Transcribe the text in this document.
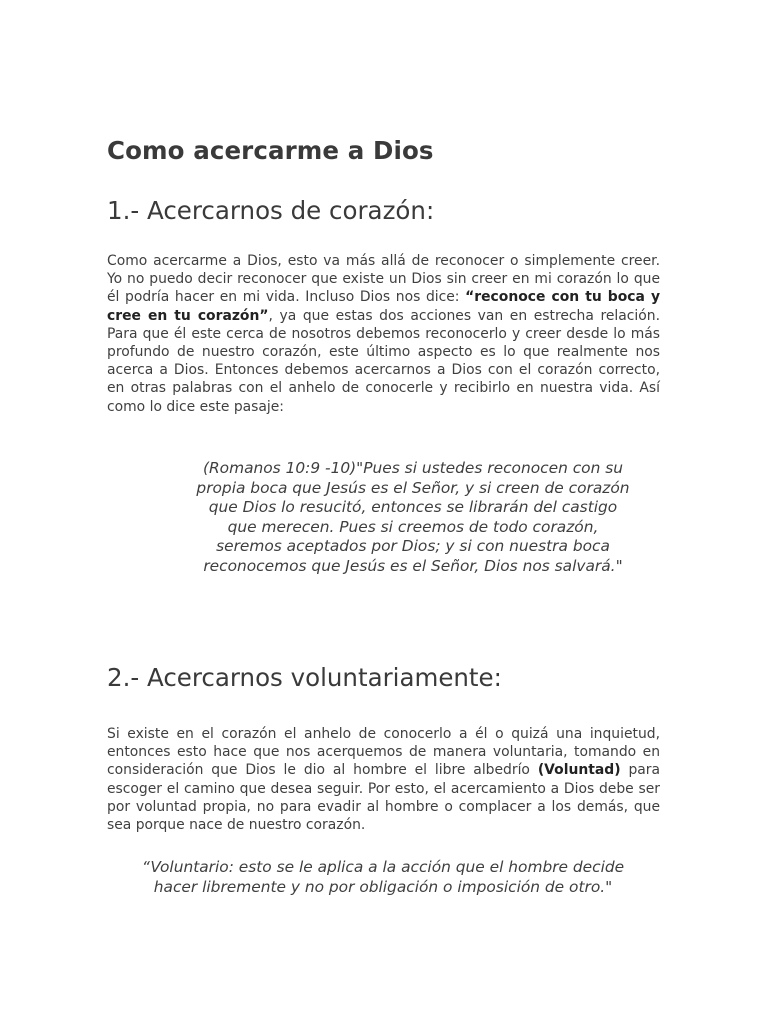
Como acercarme a Dios
1.- Acercarnos de corazón:

Como acercarme a Dios, esto va más allá de reconocer o simplemente creer. Yo no puedo decir reconocer que existe un Dios sin creer en mi corazón lo que él podría hacer en mi vida. Incluso Dios nos dice: “reconoce con tu boca y cree en tu corazón”, ya que estas dos acciones van en estrecha relación. Para que él este cerca de nosotros debemos reconocerlo y creer desde lo más profundo de nuestro corazón, este último aspecto es lo que realmente nos acerca a Dios. Entonces debemos acercarnos a Dios con el corazón correcto, en otras palabras con el anhelo de conocerle y recibirlo en nuestra vida. Así como lo dice este pasaje:

(Romanos 10:9 -10)"Pues si ustedes reconocen con su propia boca que Jesús es el Señor, y si creen de corazón que Dios lo resucitó, entonces se librarán del castigo que merecen. Pues si creemos de todo corazón, seremos aceptados por Dios; y si con nuestra boca reconocemos que Jesús es el Señor, Dios nos salvará."

2.- Acercarnos voluntariamente:

Si existe en el corazón el anhelo de conocerlo a él o quizá una inquietud, entonces esto hace que nos acerquemos de manera voluntaria, tomando en consideración que Dios le dio al hombre el libre albedrío (Voluntad) para escoger el camino que desea seguir. Por esto, el acercamiento a Dios debe ser por voluntad propia, no para evadir al hombre o complacer a los demás, que sea porque nace de nuestro corazón.

“Voluntario: esto se le aplica a la acción que el hombre decide hacer libremente y no por obligación o imposición de otro."
